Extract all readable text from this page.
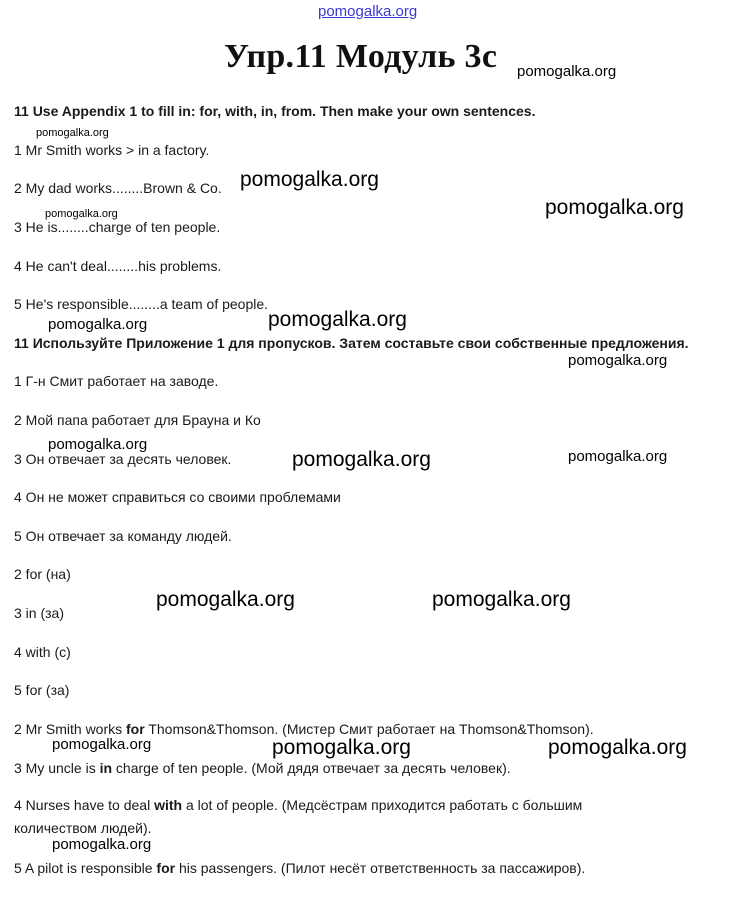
pomogalka.org
Упр.11 Модуль 3с pomogalka.org
11 Use Appendix 1 to fill in: for, with, in, from. Then make your own sentences.
1 Mr Smith works > in a factory.
2 My dad works........Brown & Co.
3 He is........charge of ten people.
4 He can't deal........his problems.
5 He's responsible........a team of people.
11 Используйте Приложение 1 для пропусков. Затем составьте свои собственные предложения.
1 Г-н Смит работает на заводе.
2 Мой папа работает для Брауна и Ко
3 Он отвечает за десять человек.
4 Он не может справиться со своими проблемами
5 Он отвечает за команду людей.
2 for (на)
3 in (за)
4 with (с)
5 for (за)
2 Mr Smith works for Thomson&Thomson. (Мистер Смит работает на Thomson&Thomson).
3 My uncle is in charge of ten people. (Мой дядя отвечает за десять человек).
4 Nurses have to deal with a lot of people. (Медсёстрам приходится работать с большим количеством людей).
5 A pilot is responsible for his passengers. (Пилот несёт ответственность за пассажиров).
pomogalka.org
pomogalka.org
pomogalka.org
pomogalka.org
pomogalka.org	pomogalka.org
pomogalka.org
pomogalka.org
pomogalka.org	pomogalka.org
pomogalka.org	pomogalka.org
pomogalka.org	pomogalka.org	pomogalka.org
pomogalka.org
